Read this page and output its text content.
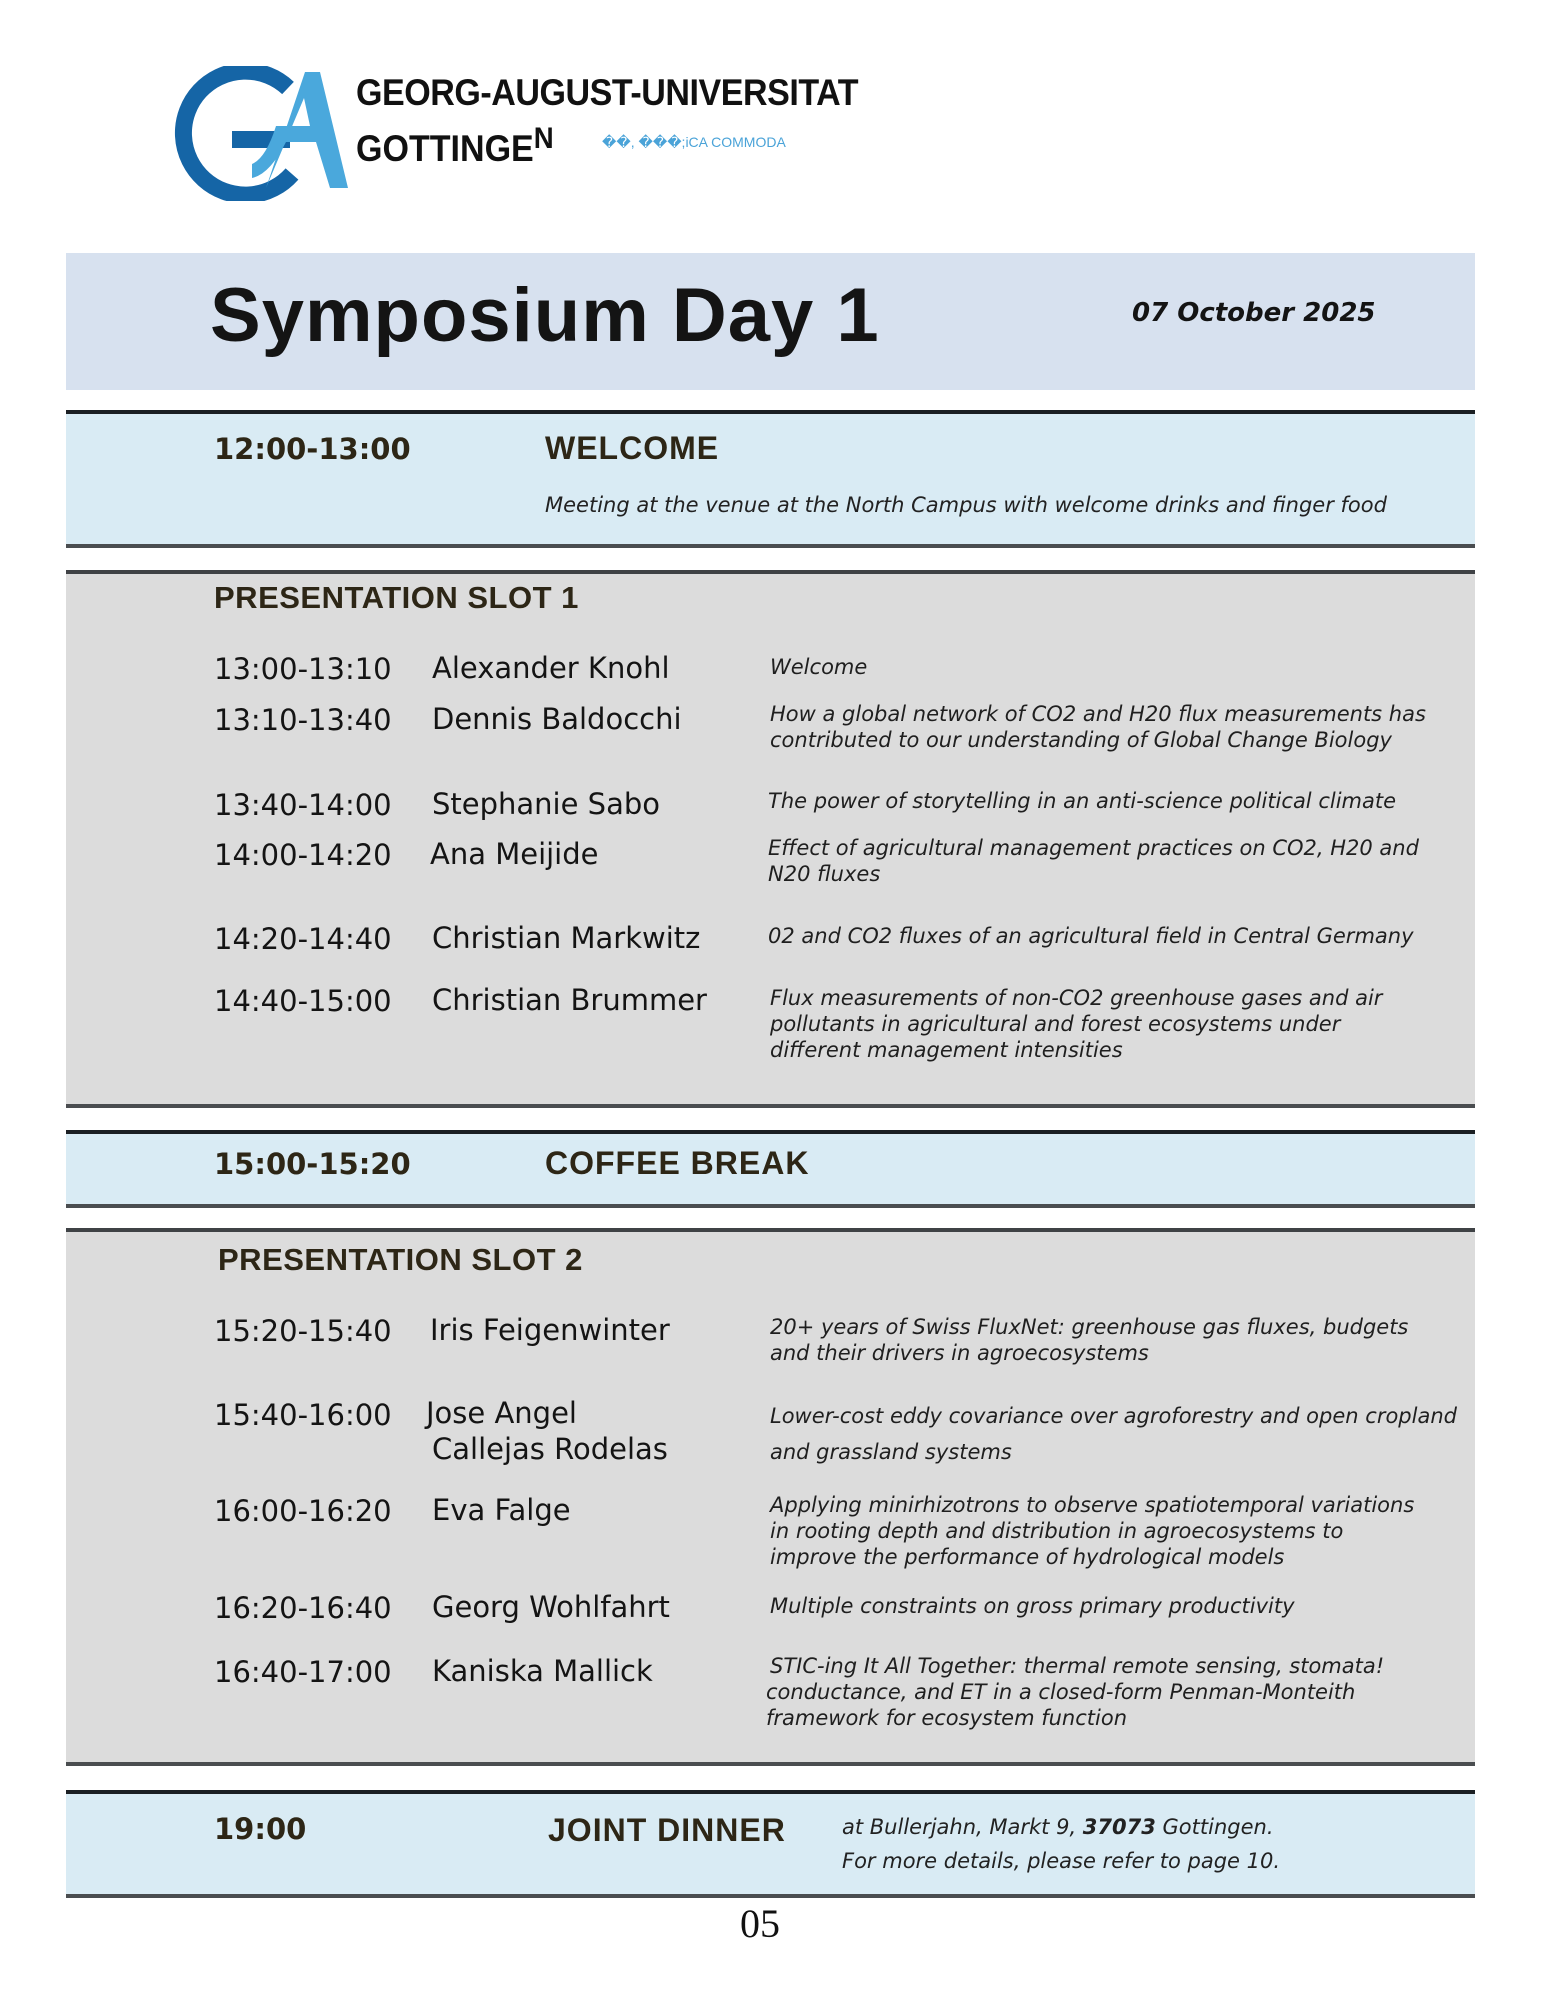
GEORG-AUGUST-UNIVERSITAT
$GOTTINGE^N$	��, ���;iCA COMMODA
Symposium Day 1	07 October 2025
12:00-13:00	WELCOME
Meeting at the venue at the North Campus with welcome drinks and finger food
PRESENTATION SLOT 1
13:00-13:10 Alexander Knohl	Welcome
13:10-13:40 Dennis Baldocchi	How a global network of CO2 and H20 flux measurements has
contributed to our understanding of Global Change Biology
13:40-14:00 Stephanie Sabo	The power of storytelling in an anti-science political climate
14:00-14:20 Ana Meijide	Effect of agricultural management practices on CO2, H20 and
N20 fluxes
14:20-14:40 Christian Markwitz	02 and CO2 fluxes of an agricultural field in Central Germany
14:40-15:00 Christian Brummer	Flux measurements of non-CO2 greenhouse gases and air
pollutants in agricultural and forest ecosystems under
different management intensities
15:00-15:20	COFFEE BREAK
PRESENTATION SLOT 2
15:20-15:40 Iris Feigenwinter	20+ years of Swiss FluxNet: greenhouse gas fluxes, budgets
and their drivers in agroecosystems
15:40-16:00 Jose Angel
Callejas Rodelas
Lower-cost eddy covariance over agroforestry and open cropland
and grassland systems
16:00-16:20 Eva Falge	Applying minirhizotrons to observe spatiotemporal variations
in rooting depth and distribution in agroecosystems to
improve the performance of hydrological models
16:20-16:40 Georg Wohlfahrt	Multiple constraints on gross primary productivity
16:40-17:00 Kaniska Mallick	STIC-ing It All Together: thermal remote sensing, stomata!
conductance, and ET in a closed-form Penman-Monteith
framework for ecosystem function
19:00	JOINT DINNER	at Bullerjahn, Markt 9, 37073 Gottingen.
For more details, please refer to page 10.
05
